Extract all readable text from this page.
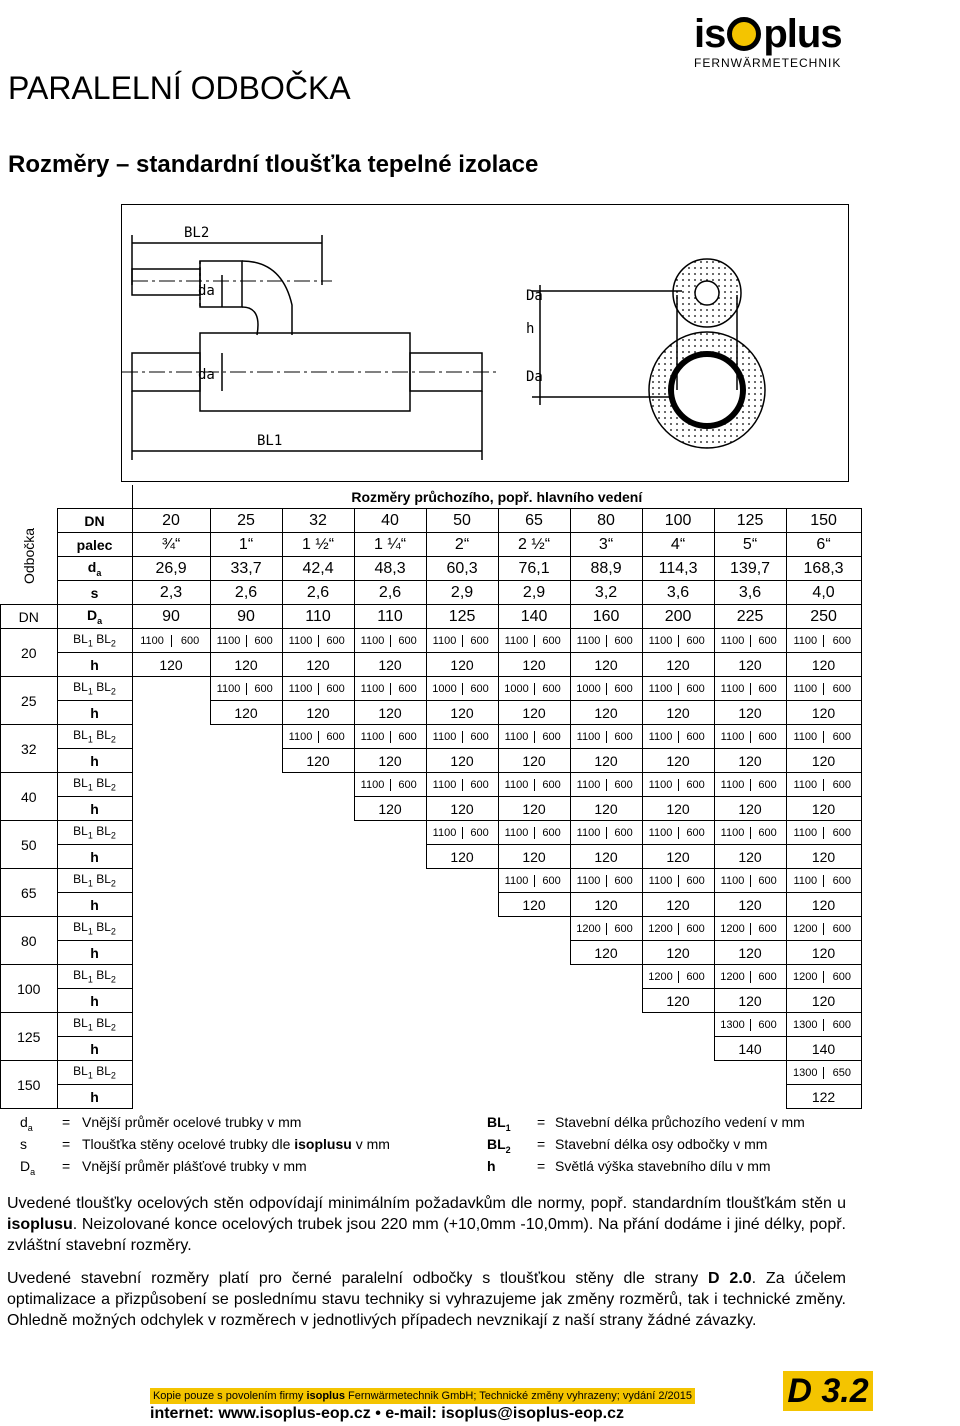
is plus
FERNWÄRMETECHNIK
PARALELNÍ ODBOČKA
Rozměry – standardní tloušťka tepelné izolace
BL2
da
da
BL1
Da
h
Da
		Rozměry průchozího, popř. hlavního vedení									

Odbočka	DN	20	25	32	40	50	65	80	100	125	150
	palec	¾“	1“	1 ½“	1 ¼“	2“	2 ½“	3“	4“	5“	6“
	$d_a$	26,9	33,7	42,4	48,3	60,3	76,1	88,9	114,3	139,7	168,3
	s	2,3	2,6	2,6	2,6	2,9	2,9	3,2	3,6	3,6	4,0
DN	$D_a$	90	90	110	110	125	140	160	200	225	250
20	$BL_1$ $BL_2$	1100 600	1100 600	1100 600	1100 600	1100 600	1100 600	1100 600	1100 600	1100 600	1100 600
	h	120	120	120	120	120	120	120	120	120	120
25	$BL_1$ $BL_2$		1100 600	1100 600	1100 600	1000 600	1000 600	1000 600	1100 600	1100 600	1100 600
	h		120	120	120	120	120	120	120	120	120
32	$BL_1$ $BL_2$			1100 600	1100 600	1100 600	1100 600	1100 600	1100 600	1100 600	1100 600
	h			120	120	120	120	120	120	120	120
40	$BL_1$ $BL_2$				1100 600	1100 600	1100 600	1100 600	1100 600	1100 600	1100 600
	h				120	120	120	120	120	120	120
50	$BL_1$ $BL_2$					1100 600	1100 600	1100 600	1100 600	1100 600	1100 600
	h					120	120	120	120	120	120
65	$BL_1$ $BL_2$						1100 600	1100 600	1100 600	1100 600	1100 600
	h						120	120	120	120	120
80	$BL_1$ $BL_2$							1200 600	1200 600	1200 600	1200 600
	h							120	120	120	120
100	$BL_1$ $BL_2$								1200 600	1200 600	1200 600
	h								120	120	120
125	$BL_1$ $BL_2$									1300 600	1300 600
	h									140	140
150	$BL_1$ $BL_2$										1300 650
	h										122
$d_a$ = Vnější průměr ocelové trubky v mm
s	= Tloušťka stěny ocelové trubky dle isoplusu v mm
$D_a$ = Vnější průměr plášťové trubky v mm
$BL_1$ = Stavební délka průchozího vedení v mm
$BL_2$ = Stavební délka osy odbočky v mm
h	= Světlá výška stavebního dílu v mm
Uvedené tloušťky ocelových stěn odpovídají minimálním požadavkům dle normy, popř. standardním tloušťkám stěn u isoplusu. Neizolované konce ocelových trubek jsou 220 mm (+10,0mm -10,0mm). Na přání dodáme i jiné délky, popř. zvláštní stavební rozměry.
Uvedené stavební rozměry platí pro černé paralelní odbočky s tloušťkou stěny dle strany D 2.0. Za účelem optimalizace a přizpůsobení se poslednímu stavu techniky si vyhrazujeme jak změny rozměrů, tak i technické změny. Ohledně možných odchylek v rozměrech v jednotlivých případech nevznikají z naší strany žádné závazky.
Kopie pouze s povolením firmy isoplus Fernwärmetechnik GmbH; Technické změny vyhrazeny; vydání 2/2015
internet: www.isoplus-eop.cz • e-mail: isoplus@isoplus-eop.cz
D 3.2
